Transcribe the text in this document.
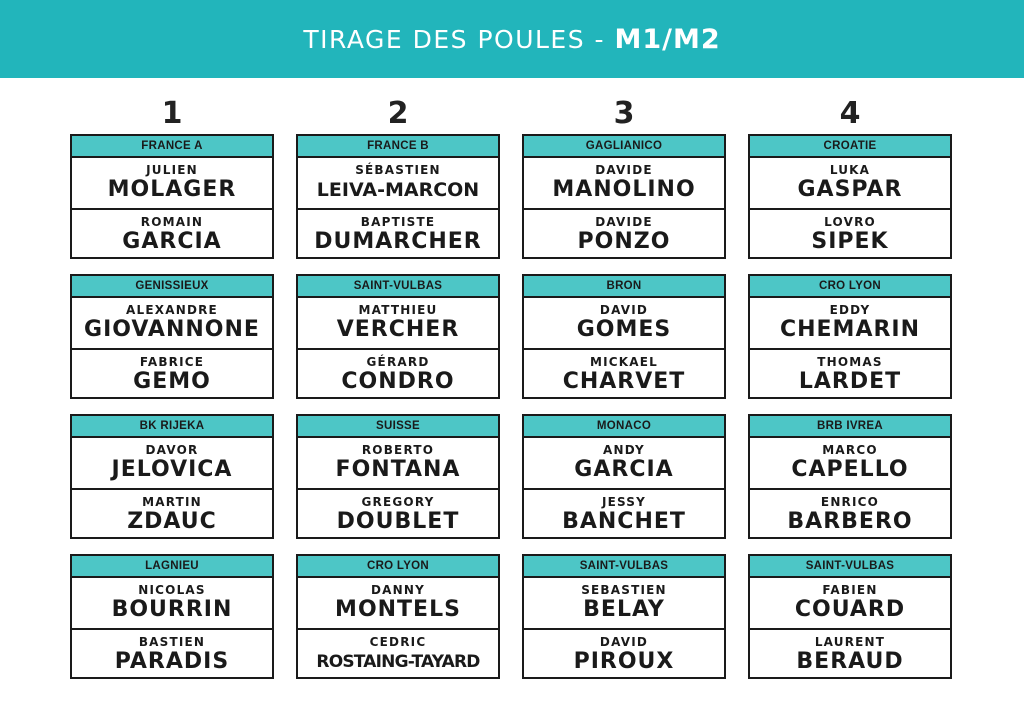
TIRAGE DES POULES - M1/M2
1	2	3	4
FRANCE A
JULIEN
MOLAGER
ROMAIN
GARCIA
FRANCE B
SÉBASTIEN
LEIVA-MARCON
BAPTISTE
DUMARCHER
GAGLIANICO
DAVIDE
MANOLINO
DAVIDE
PONZO
CROATIE
LUKA
GASPAR
LOVRO
SIPEK
GENISSIEUX
ALEXANDRE
GIOVANNONE
FABRICE
GEMO
SAINT-VULBAS
MATTHIEU
VERCHER
GÉRARD
CONDRO
BRON
DAVID
GOMES
MICKAEL
CHARVET
CRO LYON
EDDY
CHEMARIN
THOMAS
LARDET
BK RIJEKA
DAVOR
JELOVICA
MARTIN
ZDAUC
SUISSE
ROBERTO
FONTANA
GREGORY
DOUBLET
MONACO
ANDY
GARCIA
JESSY
BANCHET
BRB IVREA
MARCO
CAPELLO
ENRICO
BARBERO
LAGNIEU
NICOLAS
BOURRIN
BASTIEN
PARADIS
CRO LYON
DANNY
MONTELS
CEDRIC
ROSTAING-TAYARD
SAINT-VULBAS
SEBASTIEN
BELAY
DAVID
PIROUX
SAINT-VULBAS
FABIEN
COUARD
LAURENT
BERAUD
